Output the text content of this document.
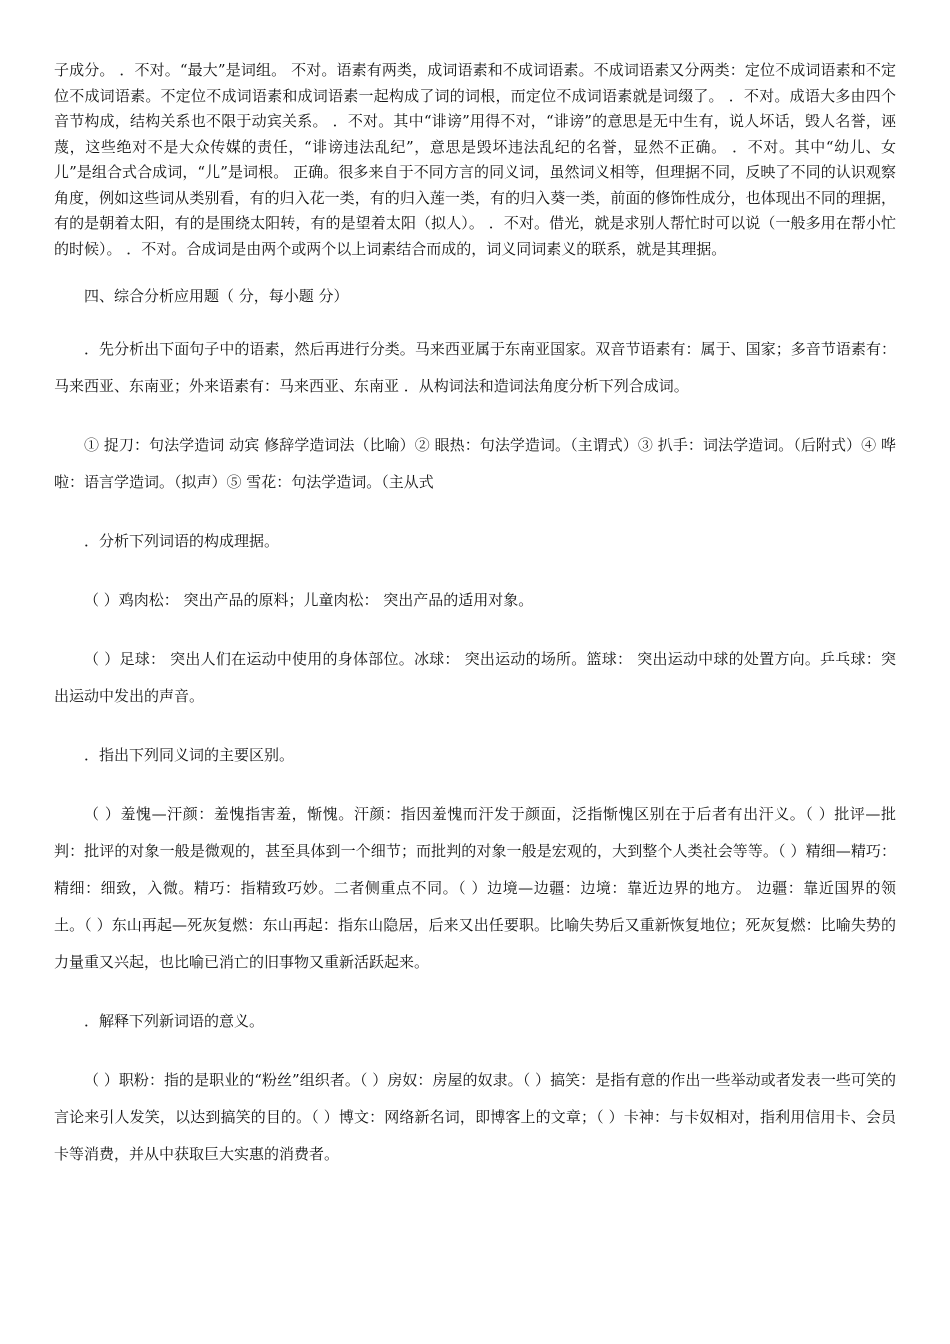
子成分。 ．不对。“最大”是词组。 不对。语素有两类，成词语素和不成词语素。不成词语素又分两类：定位不成词语素和不定位不成词语素。不定位不成词语素和成词语素一起构成了词的词根，而定位不成词语素就是词缀了。 ．不对。成语大多由四个音节构成，结构关系也不限于动宾关系。 ．不对。其中“诽谤”用得不对，“诽谤”的意思是无中生有，说人坏话，毁人名誉，诬蔑，这些绝对不是大众传媒的责任，“诽谤违法乱纪”，意思是毁坏违法乱纪的名誉，显然不正确。 ．不对。其中“幼儿、女儿”是组合式合成词，“儿”是词根。 正确。很多来自于不同方言的同义词，虽然词义相等，但理据不同，反映了不同的认识观察角度，例如这些词从类别看，有的归入花一类，有的归入莲一类，有的归入葵一类，前面的修饰性成分，也体现出不同的理据，有的是朝着太阳，有的是围绕太阳转，有的是望着太阳（拟人）。 ．不对。借光，就是求别人帮忙时可以说（一般多用在帮小忙的时候）。 ．不对。合成词是由两个或两个以上词素结合而成的，词义同词素义的联系，就是其理据。

四、综合分析应用题（ 分，每小题 分）

．先分析出下面句子中的语素，然后再进行分类。马来西亚属于东南亚国家。双音节语素有：属于、国家；多音节语素有：马来西亚、东南亚；外来语素有：马来西亚、东南亚 ．从构词法和造词法角度分析下列合成词。

① 捉刀：句法学造词 动宾 修辞学造词法（比喻）② 眼热：句法学造词。（主谓式）③ 扒手：词法学造词。（后附式）④ 哗啦：语言学造词。（拟声）⑤ 雪花：句法学造词。（主从式

．分析下列词语的构成理据。

（ ）鸡肉松： 突出产品的原料；儿童肉松： 突出产品的适用对象。

（ ）足球： 突出人们在运动中使用的身体部位。冰球： 突出运动的场所。篮球： 突出运动中球的处置方向。乒乓球：突出运动中发出的声音。

．指出下列同义词的主要区别。

（ ）羞愧—汗颜：羞愧指害羞，惭愧。汗颜：指因羞愧而汗发于颜面，泛指惭愧区别在于后者有出汗义。（ ）批评—批判：批评的对象一般是微观的，甚至具体到一个细节；而批判的对象一般是宏观的，大到整个人类社会等等。（ ）精细—精巧：精细：细致，入微。精巧：指精致巧妙。二者侧重点不同。（ ）边境—边疆：边境：靠近边界的地方。 边疆：靠近国界的领土。（ ）东山再起—死灰复燃：东山再起：指东山隐居，后来又出任要职。比喻失势后又重新恢复地位；死灰复燃：比喻失势的力量重又兴起，也比喻已消亡的旧事物又重新活跃起来。

．解释下列新词语的意义。

（ ）职粉：指的是职业的“粉丝”组织者。（ ）房奴：房屋的奴隶。（ ）搞笑：是指有意的作出一些举动或者发表一些可笑的言论来引人发笑，以达到搞笑的目的。（ ）博文：网络新名词，即博客上的文章；（ ）卡神：与卡奴相对，指利用信用卡、会员卡等消费，并从中获取巨大实惠的消费者。
